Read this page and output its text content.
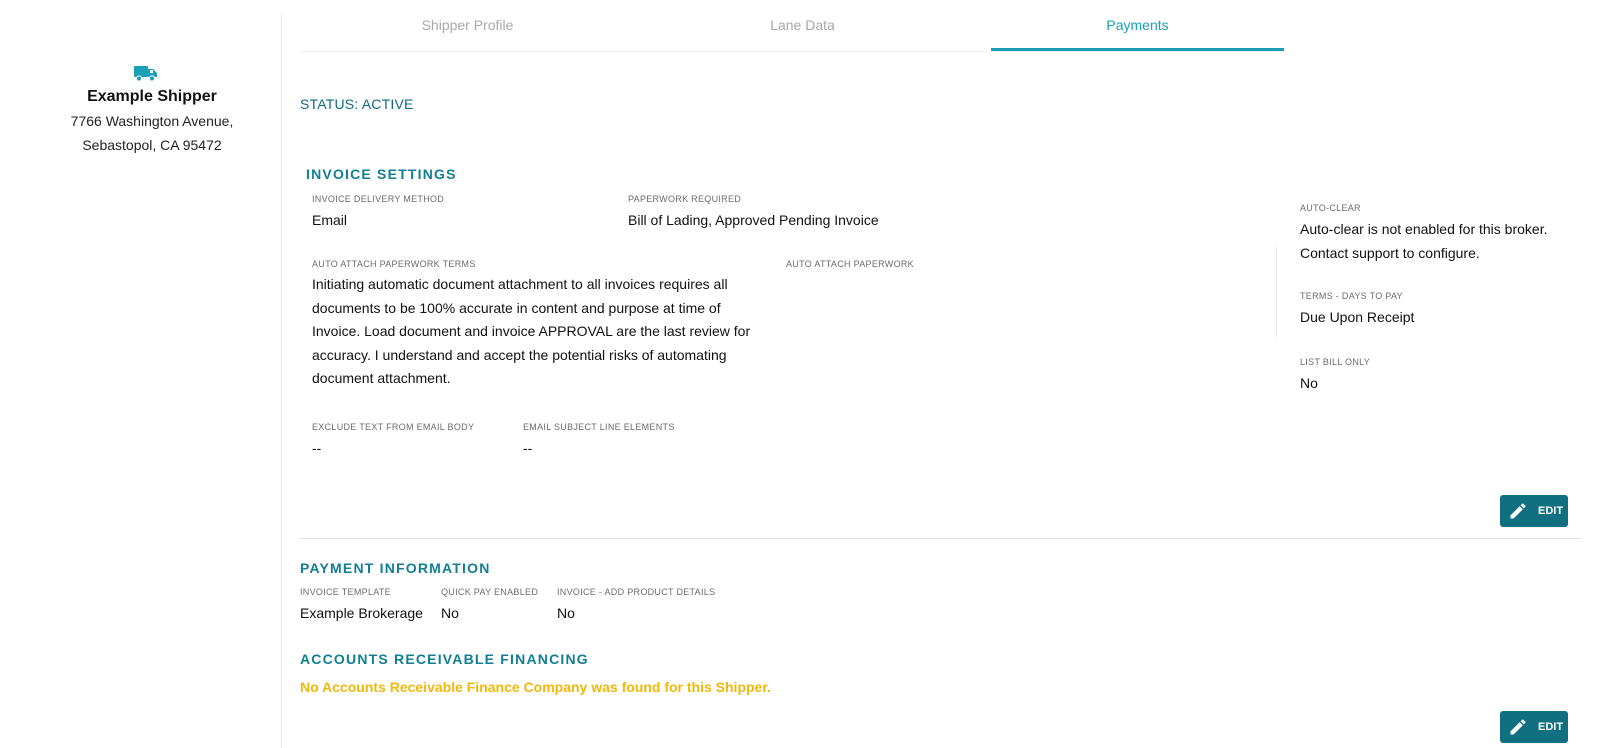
Example Shipper
7766 Washington Avenue,
Sebastopol, CA 95472
Shipper Profile	Lane Data	Payments
STATUS: ACTIVE
INVOICE SETTINGS
INVOICE DELIVERY METHOD
Email
PAPERWORK REQUIRED
Bill of Lading, Approved Pending Invoice
AUTO ATTACH PAPERWORK TERMS
Initiating automatic document attachment to all invoices requires all documents to be 100% accurate in content and purpose at time of Invoice. Load document and invoice APPROVAL are the last review for accuracy. I understand and accept the potential risks of automating document attachment.
AUTO ATTACH PAPERWORK
EXCLUDE TEXT FROM EMAIL BODY
--
EMAIL SUBJECT LINE ELEMENTS
--
AUTO-CLEAR
Auto-clear is not enabled for this broker.
Contact support to configure.
TERMS - DAYS TO PAY
Due Upon Receipt
LIST BILL ONLY
No
EDIT
PAYMENT INFORMATION
INVOICE TEMPLATE
Example Brokerage
QUICK PAY ENABLED
No
INVOICE - ADD PRODUCT DETAILS
No
ACCOUNTS RECEIVABLE FINANCING
No Accounts Receivable Finance Company was found for this Shipper.
EDIT
